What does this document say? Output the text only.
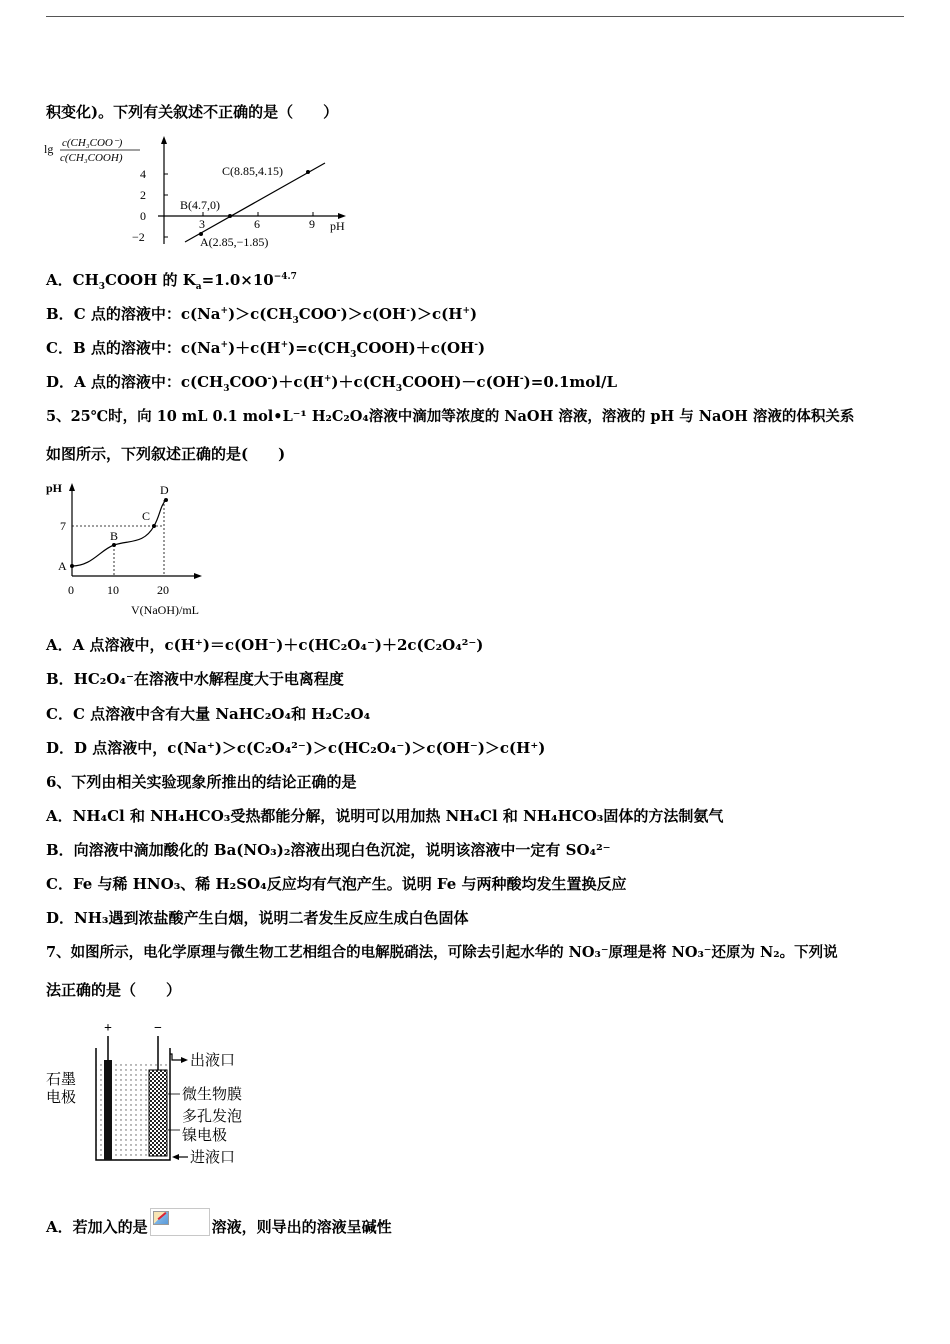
积变化)。下列有关叙述不正确的是（　　）
lg c(CH₃COO⁻)
c(CH₃COOH)
4
2
0
−2
3	6	9 pH
A(2.85,−1.85)
B(4.7,0)
C(8.85,4.15)
A．$CH_3COOH$ 的 $K_a=1.0\times 10^{-4.7}$
B．C 点的溶液中：$c(Na^+)>c(CH_3COO^-)>c(OH^-)>c(H^+)$
C．B 点的溶液中：$c(Na^+)+c(H^+)=c(CH_3COOH)+c(OH^-)$
D．A 点的溶液中：$c(CH_3COO^-)+c(H^+)+c(CH_3COOH)-c(OH^-)=0.1mol/L$
5、25℃时，向 10 mL 0.1 mol•L⁻¹ H₂C₂O₄溶液中滴加等浓度的 NaOH 溶液，溶液的 pH 与 NaOH 溶液的体积关系
如图所示，下列叙述正确的是(　　)
pH
7
0	10	20
V(NaOH)/mL
A
B
C
D
A．A 点溶液中，c(H⁺)＝c(OH⁻)＋c(HC₂O₄⁻)＋2c(C₂O₄²⁻)
B．HC₂O₄⁻在溶液中水解程度大于电离程度
C．C 点溶液中含有大量 NaHC₂O₄和 H₂C₂O₄
D．D 点溶液中，c(Na⁺)＞c(C₂O₄²⁻)＞c(HC₂O₄⁻)＞c(OH⁻)＞c(H⁺)
6、下列由相关实验现象所推出的结论正确的是
A．NH₄Cl 和 NH₄HCO₃受热都能分解，说明可以用加热 NH₄Cl 和 NH₄HCO₃固体的方法制氨气
B．向溶液中滴加酸化的 Ba(NO₃)₂溶液出现白色沉淀，说明该溶液中一定有 SO₄²⁻
C．Fe 与稀 HNO₃、稀 H₂SO₄反应均有气泡产生。说明 Fe 与两种酸均发生置换反应
D．NH₃遇到浓盐酸产生白烟，说明二者发生反应生成白色固体
7、如图所示，电化学原理与微生物工艺相组合的电解脱硝法，可除去引起水华的 NO₃⁻原理是将 NO₃⁻还原为 N₂。下列说
法正确的是（　　）
+	−
石墨
电极
出液口
微生物膜
多孔发泡
镍电极
进液口
A．若加入的是	溶液，则导出的溶液呈碱性
